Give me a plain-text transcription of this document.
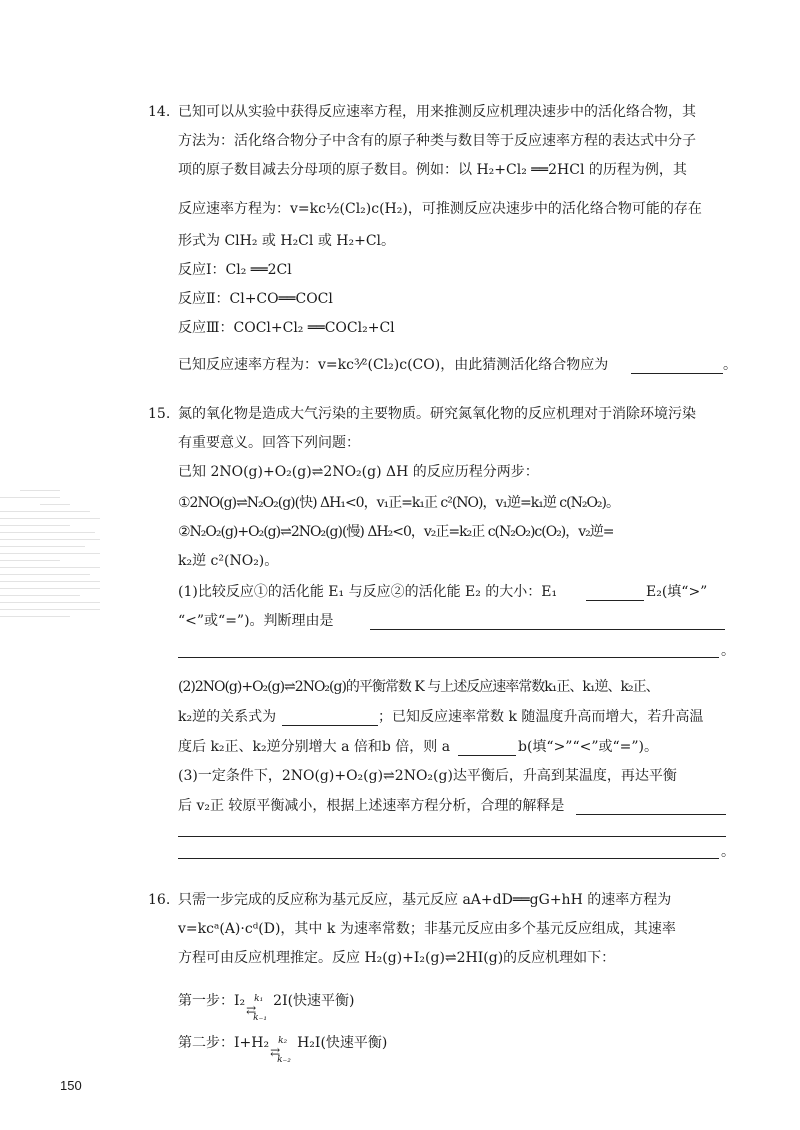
14. 已知可以从实验中获得反应速率方程，用来推测反应机理决速步中的活化络合物，其
方法为：活化络合物分子中含有的原子种类与数目等于反应速率方程的表达式中分子
项的原子数目减去分母项的原子数目。例如：以 H₂+Cl₂ ══2HCl 的历程为例，其
反应速率方程为：v=kc½(Cl₂)c(H₂)，可推测反应决速步中的活化络合物可能的存在
形式为 ClH₂ 或 H₂Cl 或 H₂+Cl。
反应Ⅰ：Cl₂ ══2Cl
反应Ⅱ：Cl+CO══COCl
反应Ⅲ：COCl+Cl₂ ══COCl₂+Cl
已知反应速率方程为：v=kc³⁄²(Cl₂)c(CO)，由此猜测活化络合物应为	。
15. 氮的氧化物是造成大气污染的主要物质。研究氮氧化物的反应机理对于消除环境污染
有重要意义。回答下列问题：
已知 2NO(g)+O₂(g)⇌2NO₂(g) ΔH 的反应历程分两步：
①2NO(g)⇌N₂O₂(g)(快) ΔH₁<0，v₁正=k₁正 c²(NO)，v₁逆=k₁逆 c(N₂O₂)。
②N₂O₂(g)+O₂(g)⇌2NO₂(g)(慢) ΔH₂<0，v₂正=k₂正 c(N₂O₂)c(O₂)，v₂逆=
k₂逆 c²(NO₂)。
(1)比较反应①的活化能 E₁ 与反应②的活化能 E₂ 的大小：E₁	E₂(填“>”
“<”或“=”)。判断理由是
。
(2)2NO(g)+O₂(g)⇌2NO₂(g)的平衡常数 K 与上述反应速率常数k₁正、k₁逆、k₂正、
k₂逆的关系式为	；已知反应速率常数 k 随温度升高而增大，若升高温
度后 k₂正、k₂逆分别增大 a 倍和b 倍，则 a	b(填“>”“<”或“=”)。
(3)一定条件下，2NO(g)+O₂(g)⇌2NO₂(g)达平衡后，升高到某温度，再达平衡
后 v₂正 较原平衡减小，根据上述速率方程分析，合理的解释是
。
16. 只需一步完成的反应称为基元反应，基元反应 aA+dD══gG+hH 的速率方程为
v=kcᵃ(A)·cᵈ(D)，其中 k 为速率常数；非基元反应由多个基元反应组成，其速率
方程可由反应机理推定。反应 H₂(g)+I₂(g)⇌2HI(g)的反应机理如下：
第一步：I₂ k₁
⇄
k₋₁
2I(快速平衡)
第二步：I+H₂ k₂
⇄
k₋₂
H₂I(快速平衡)
150
